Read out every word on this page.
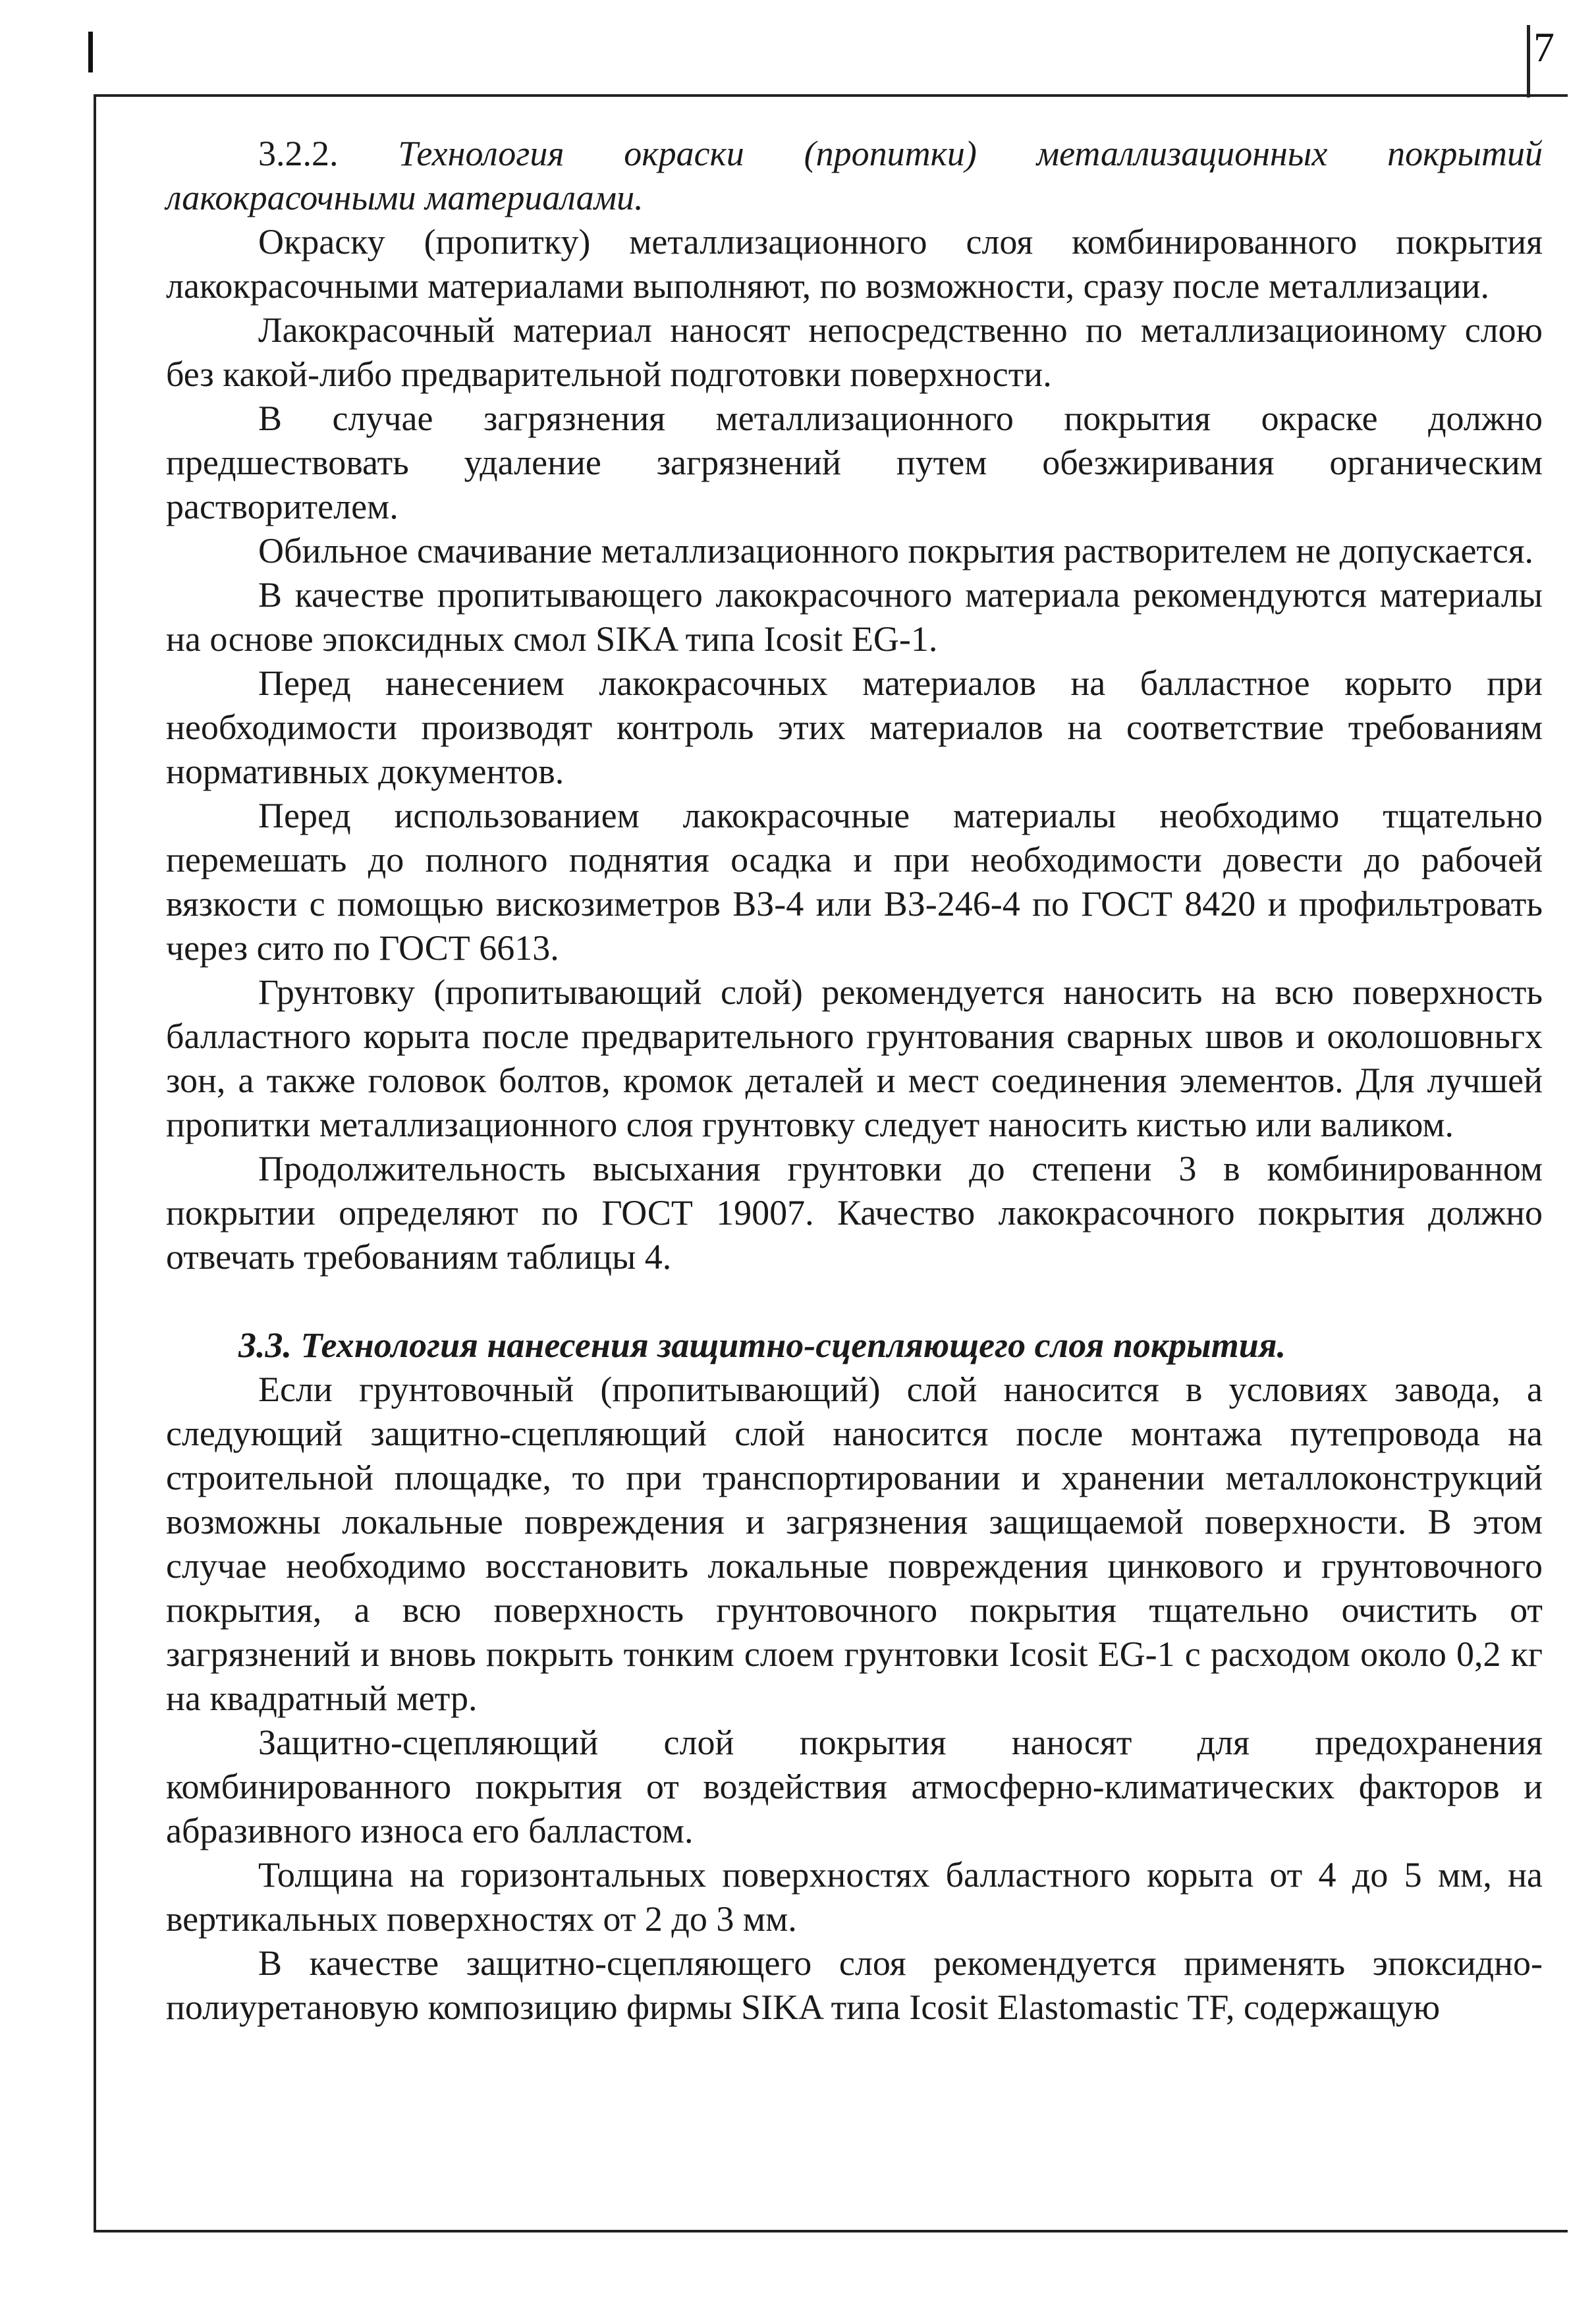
7

3.2.2. Технология окраски (пропитки) металлизационных покрытий лакокрасочными материалами.

Окраску (пропитку) металлизационного слоя комбинированного покрытия лакокрасочными материалами выполняют, по возможности, сразу после металлизации.

Лакокрасочный материал наносят непосредственно по металлизациоиному слою без какой-либо предварительной подготовки поверхности.

В случае загрязнения металлизационного покрытия окраске должно предшествовать удаление загрязнений путем обезжиривания органическим растворителем.

Обильное смачивание металлизационного покрытия растворителем не допускается.

В качестве пропитывающего лакокрасочного материала рекомендуются материалы на основе эпоксидных смол SIKA типа Icosit EG-1.

Перед нанесением лакокрасочных материалов на балластное корыто при необходимости производят контроль этих материалов на соответствие требованиям нормативных документов.

Перед использованием лакокрасочные материалы необходимо тщательно перемешать до полного поднятия осадка и при необходимости довести до рабочей вязкости с помощью вискозиметров ВЗ-4 или ВЗ-246-4 по ГОСТ 8420 и профильтровать через сито по ГОСТ 6613.

Грунтовку (пропитывающий слой) рекомендуется наносить на всю поверхность балластного корыта после предварительного грунтования сварных швов и околошовньгх зон, а также головок болтов, кромок деталей и мест соединения элементов. Для лучшей пропитки металлизационного слоя грунтовку следует наносить кистью или валиком.

Продолжительность высыхания грунтовки до степени 3 в комбинированном покрытии определяют по ГОСТ 19007. Качество лакокрасочного покрытия должно отвечать требованиям таблицы 4.

3.3. Технология нанесения защитно-сцепляющего слоя покрытия.

Если грунтовочный (пропитывающий) слой наносится в условиях завода, а следующий защитно-сцепляющий слой наносится после монтажа путепровода на строительной площадке, то при транспортировании и хранении металлоконструкций возможны локальные повреждения и загрязнения защищаемой поверхности. В этом случае необходимо восстановить локальные повреждения цинкового и грунтовочного покрытия, а всю поверхность грунтовочного покрытия тщательно очистить от загрязнений и вновь покрыть тонким слоем грунтовки Icosit EG-1 с расходом около 0,2 кг на квадратный метр.

Защитно-сцепляющий слой покрытия наносят для предохранения комбинированного покрытия от воздействия атмосферно-климатических факторов и абразивного износа его балластом.

Толщина на горизонтальных поверхностях балластного корыта от 4 до 5 мм, на вертикальных поверхностях от 2 до 3 мм.

В качестве защитно-сцепляющего слоя рекомендуется применять эпоксидно-полиуретановую композицию фирмы SIKA типа Icosit Elastomastic TF, содержащую
